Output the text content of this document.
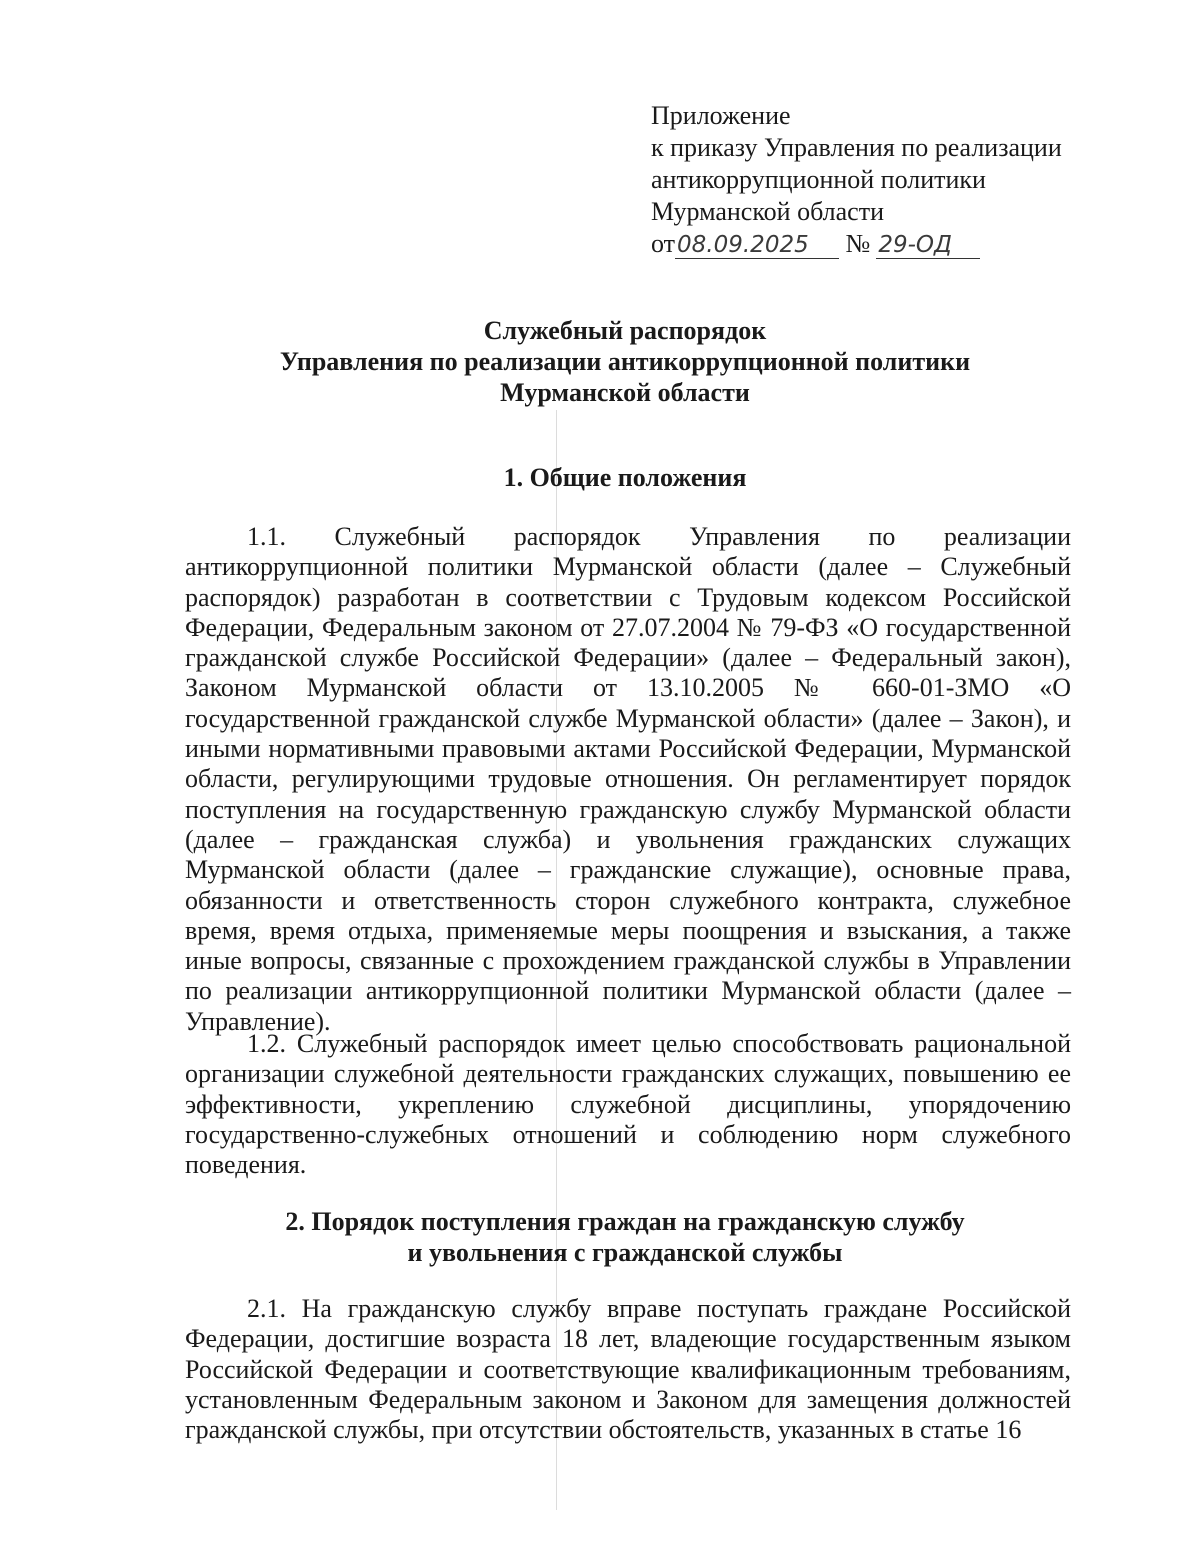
Приложение
к приказу Управления по реализации
антикоррупционной политики
Мурманской области
от08.09.2025 № 29-ОД
Служебный распорядок
Управления по реализации антикоррупционной политики
Мурманской области
1. Общие положения
1.1. Служебный распорядок Управления по реализации антикоррупционной политики Мурманской области (далее – Служебный распорядок) разработан в соответствии с Трудовым кодексом Российской Федерации, Федеральным законом от 27.07.2004 № 79-ФЗ «О государственной гражданской службе Российской Федерации» (далее – Федеральный закон), Законом Мурманской области от 13.10.2005 № 660-01-ЗМО «О государственной гражданской службе Мурманской области» (далее – Закон), и иными нормативными правовыми актами Российской Федерации, Мурманской области, регулирующими трудовые отношения. Он регламентирует порядок поступления на государственную гражданскую службу Мурманской области (далее – гражданская служба) и увольнения гражданских служащих Мурманской области (далее – гражданские служащие), основные права, обязанности и ответственность сторон служебного контракта, служебное время, время отдыха, применяемые меры поощрения и взыскания, а также иные вопросы, связанные с прохождением гражданской службы в Управлении по реализации антикоррупционной политики Мурманской области (далее – Управление).
1.2. Служебный распорядок имеет целью способствовать рациональной организации служебной деятельности гражданских служащих, повышению ее эффективности, укреплению служебной дисциплины, упорядочению государственно-служебных отношений и соблюдению норм служебного поведения.
2. Порядок поступления граждан на гражданскую службу
и увольнения с гражданской службы
2.1. На гражданскую службу вправе поступать граждане Российской Федерации, достигшие возраста 18 лет, владеющие государственным языком Российской Федерации и соответствующие квалификационным требованиям, установленным Федеральным законом и Законом для замещения должностей гражданской службы, при отсутствии обстоятельств, указанных в статье 16
